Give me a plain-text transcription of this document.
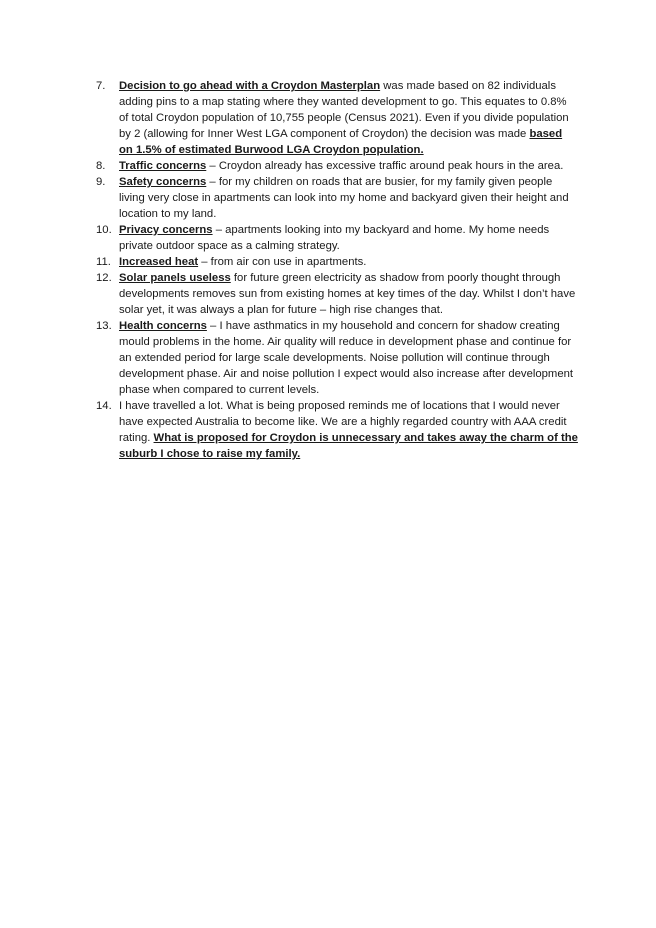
7.	Decision to go ahead with a Croydon Masterplan was made based on 82 individuals adding pins to a map stating where they wanted development to go. This equates to 0.8% of total Croydon population of 10,755 people (Census 2021). Even if you divide population by 2 (allowing for Inner West LGA component of Croydon) the decision was made based on 1.5% of estimated Burwood LGA Croydon population.
8.	Traffic concerns – Croydon already has excessive traffic around peak hours in the area.
9.	Safety concerns – for my children on roads that are busier, for my family given people living very close in apartments can look into my home and backyard given their height and location to my land.
10. Privacy concerns – apartments looking into my backyard and home. My home needs private outdoor space as a calming strategy.
11. Increased heat – from air con use in apartments.
12. Solar panels useless for future green electricity as shadow from poorly thought through developments removes sun from existing homes at key times of the day. Whilst I don’t have solar yet, it was always a plan for future – high rise changes that.
13. Health concerns – I have asthmatics in my household and concern for shadow creating mould problems in the home. Air quality will reduce in development phase and continue for an extended period for large scale developments. Noise pollution will continue through development phase. Air and noise pollution I expect would also increase after development phase when compared to current levels.
14. I have travelled a lot. What is being proposed reminds me of locations that I would never have expected Australia to become like. We are a highly regarded country with AAA credit rating. What is proposed for Croydon is unnecessary and takes away the charm of the suburb I chose to raise my family.
